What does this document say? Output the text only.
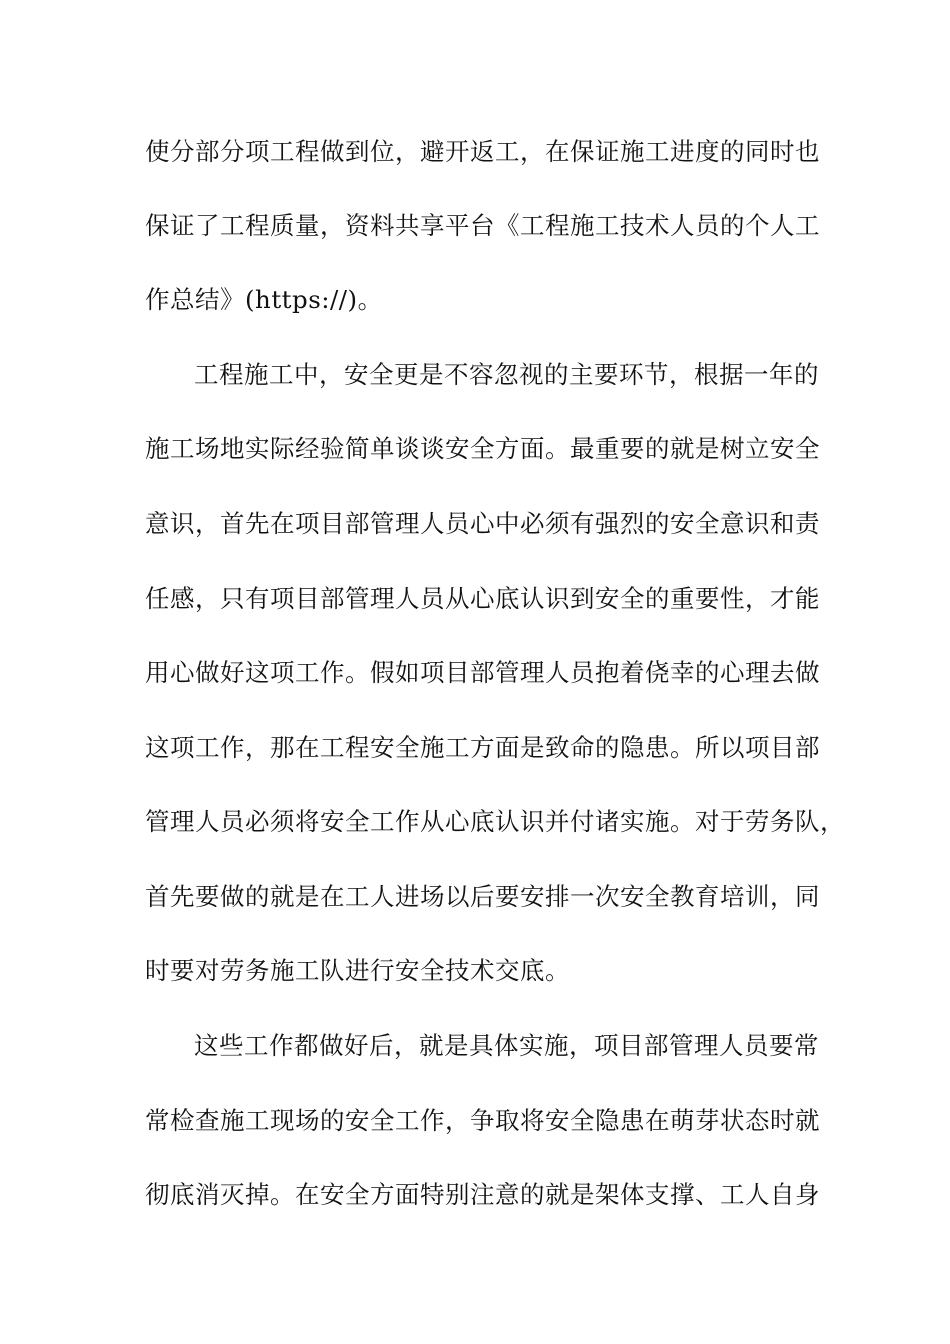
使分部分项工程做到位，避开返工，在保证施工进度的同时也
保证了工程质量，资料共享平台《工程施工技术人员的个人工
作总结》(https://)。
工程施工中，安全更是不容忽视的主要环节，根据一年的
施工场地实际经验简单谈谈安全方面。最重要的就是树立安全
意识，首先在项目部管理人员心中必须有强烈的安全意识和责
任感，只有项目部管理人员从心底认识到安全的重要性，才能
用心做好这项工作。假如项目部管理人员抱着侥幸的心理去做
这项工作，那在工程安全施工方面是致命的隐患。所以项目部
管理人员必须将安全工作从心底认识并付诸实施。对于劳务队，
首先要做的就是在工人进场以后要安排一次安全教育培训，同
时要对劳务施工队进行安全技术交底。
这些工作都做好后，就是具体实施，项目部管理人员要常
常检查施工现场的安全工作，争取将安全隐患在萌芽状态时就
彻底消灭掉。在安全方面特别注意的就是架体支撑、工人自身
